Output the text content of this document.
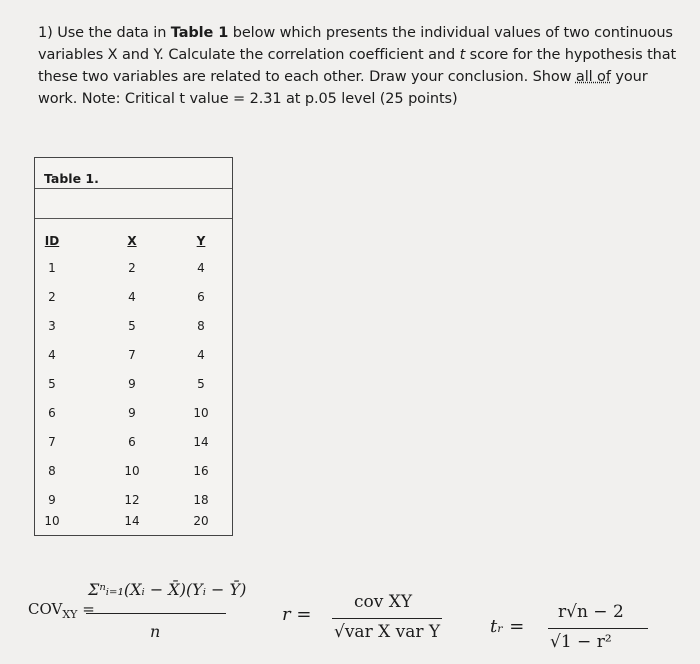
1) Use the data in Table 1 below which presents the individual values of two continuous variables X and Y. Calculate the correlation coefficient and t score for the hypothesis that these two variables are related to each other. Draw your conclusion. Show all of your work. Note: Critical t value = 2.31 at p.05 level (25 points)
Table 1.
ID	X	Y
1	2	4
2	4	6
3	5	8
4	7	4
5	9	5
6	9	10
7	6	14
8	10	16
9	12	18
10	14	20
$COV_{XY}$ =
Σⁿᵢ₌₁(Xᵢ − X̄)(Yᵢ − Ȳ)
n
r =
cov XY
√var X var Y	tᵣ =
r√n − 2
√1 − r²
